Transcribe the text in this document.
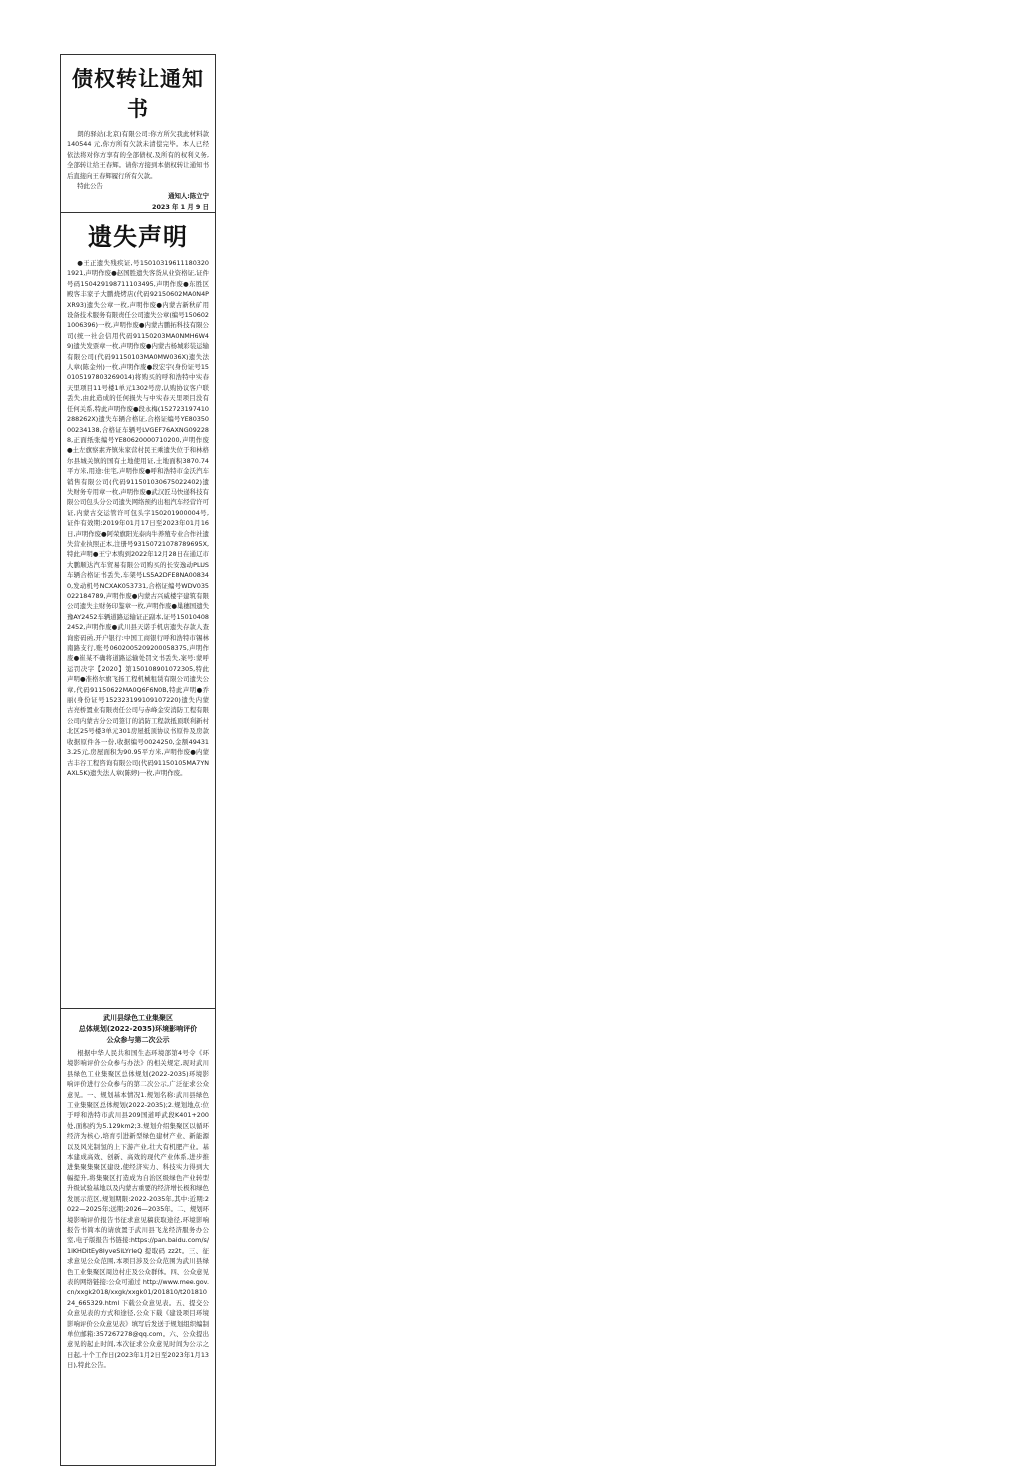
债权转让通知书

朗的驿站(北京)有限公司:你方所欠我此材料款 140544 元,你方所有欠款未清偿完毕。本人已经依法将对你方享有的全部债权,及所有的权利义务,全部转让给王春辉。请你方接到本债权转让通知书后直接向王春辉履行所有欠款。

特此公告

通知人:陈立宁

2023 年 1 月 9 日

遗失声明

●王正遗失残疾证,号150103196111803201921,声明作废●赵国胜遗失客货从业资格证,证件号码150429198711103495,声明作废●东胜区殿客丰家子大鹏烧烤店(代码92150602MA0N4PXR93)遗失公章一枚,声明作废●内蒙古新秋矿用设备技术服务有限责任公司遗失公章(编号1506021006396)一枚,声明作废●内蒙古鹏拓科技有限公司(统一社会信用代码91150203MA0NMH6W49)遗失发票章一枚,声明作废●内蒙古杨城彩装运输有限公司(代码91150103MA0MW036X)遗失法人章(陈金州)一枚,声明作废●段宏宇(身份证号150105197803269014)将购买的呼和浩特中实春天里项目11号楼1单元1302号房,认购协议客户联丢失,由此造成的任何损失与中实春天里项目没有任何关系,特此声明作废●段永梅(152723197410288262X)遗失车辆合格证,合格证编号YE8035000234138,合格证车辆号LVGEF76AXNG092288,正面纸张编号YE80620000710200,声明作废●土左旗察素齐镇朱家营村民王乘遗失位于和林格尔县城关镇的国有土地使用证,土地面积3870.74平方米,用途:住宅,声明作废●呼和浩特市金沃汽车销售有限公司(代码911501030675022402)遗失财务专用章一枚,声明作废●武汉匠马快递科技有限公司包头分公司遗失网络预约出租汽车经营许可证,内蒙古交运管许可包头字150201900004号,证件有效期:2019年01月17日至2023年01月16日,声明作废●阿荣旗阳光泰肉牛养殖专业合作社遗失营业执照正本,注册号93150721078789695X,特此声明●王宁本购到2022年12月28日在通辽市大鹏顺达汽车贸易有限公司购买的长安逸动PLUS车辆合格证书丢失,车架号LS5A2DFE8NA008340,发动机号NCXAK053731,合格证编号WDV035022184789,声明作废●内蒙古兴威楼宇建筑有限公司遗失主财务印鉴章一枚,声明作废●巢穗国遗失豫AY2452车辆道路运输证正副本,证号150104082452,声明作废●武川县天诺手机店遗失存款人查询密码函,开户银行:中国工商银行呼和浩特市锡林南路支行,账号0602005209200058375,声明作废●崔某不确将道路运输处罚文书丢失,案号:蒙呼运罚决字【2020】第150108901072305,特此声明●准格尔旗飞扬工程机械租赁有限公司遗失公章,代码91150622MA0Q6F6N0B,特此声明●乔丽(身份证号152323199109107220)遗失内蒙古亮桥置业有限责任公司与赤峰金安消防工程有限公司内蒙古分公司签订的消防工程款抵顶联利新村北区25号楼3单元301房屋抵顶协议书原件及房款收据原件各一份,收据编号0024250,金额494313.25元,房屋面积为90.95平方米,声明作废●内蒙古丰谷工程咨询有限公司(代码91150105MA7YNAXL5K)遗失法人章(陈婷)一枚,声明作废。

武川县绿色工业集聚区
总体规划(2022-2035)环境影响评价
公众参与第二次公示

根据中华人民共和国生态环境部第4号令《环境影响评价公众参与办法》的相关规定,现对武川县绿色工业集聚区总体规划(2022-2035)环境影响评价进行公众参与的第二次公示,广泛征求公众意见。一、规划基本情况1.规划名称:武川县绿色工业集聚区总体规划(2022-2035);2.规划地点:位于呼和浩特市武川县209国道呼武段K401+200处,面积约为5.129km2;3.规划介绍集聚区以循环经济为核心,培育引进新型绿色建材产业、新能源以及风光制氢的上下游产业,壮大有机肥产业。基本建成高效、创新、高效的现代产业体系,进步推进集聚集聚区建设,使经济实力、科技实力得到大幅提升,将集聚区打造成为自治区级绿色产业转型升级试验基地以及内蒙古重要的经济增长极和绿色发展示范区,规划期限:2022-2035年,其中:近期:2022—2025年;远期:2026—2035年。二、规划环境影响评价报告书征求意见稿获取途径,环境影响报告书简本的请放置于武川县飞龙经济服务办公室,电子版报告书链接:https://pan.baidu.com/s/1iKHDitEy8IyveSiLYrIeQ 提取码 zz2t。三、征求意见公众范围,本项目涉及公众范围为武川县绿色工业集聚区周边村庄及公众群体。四、公众意见表的网络链接:公众可通过 http://www.mee.gov.cn/xxgk2018/xxgk/xxgk01/201810/t20181024_665329.html 下载公众意见表。五、提交公众意见表的方式和途径,公众下载《建设项目环境影响评价公众意见表》填写后发送于规划组织编制单位邮箱:357267278@qq.com。六、公众提出意见的起止时间,本次征求公众意见时间为公示之日起,十个工作日(2023年1月2日至2023年1月13日),特此公告。
